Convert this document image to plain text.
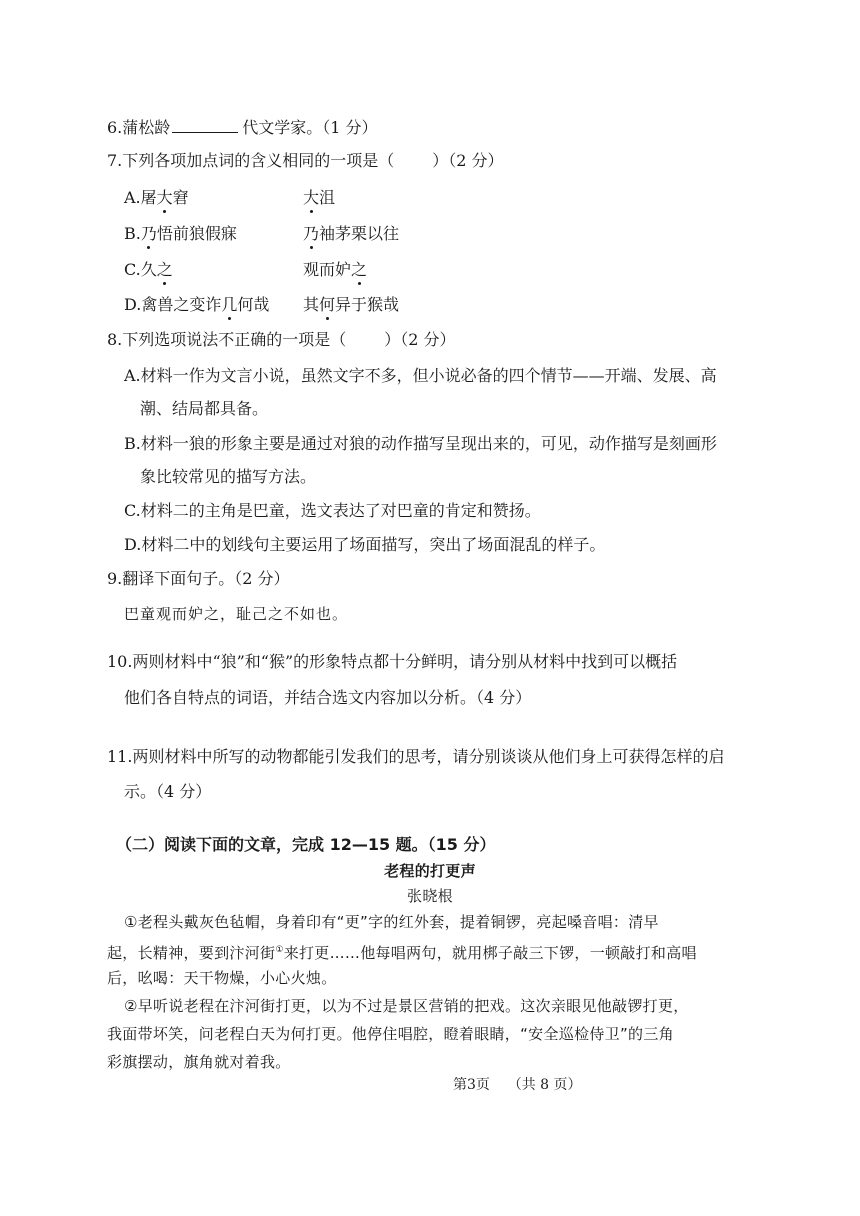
6.蒲松龄	代文学家。（1 分）
7.下列各项加点词的含义相同的一项是（ ）（2 分）
A.屠大窘	大沮
B.乃悟前狼假寐	乃袖茅栗以往
C.久之	观而妒之
D.禽兽之变诈几何哉 其何异于猴哉
8.下列选项说法不正确的一项是（ ）（2 分）
A.材料一作为文言小说，虽然文字不多，但小说必备的四个情节——开端、发展、高
潮、结局都具备。
B.材料一狼的形象主要是通过对狼的动作描写呈现出来的，可见，动作描写是刻画形
象比较常见的描写方法。
C.材料二的主角是巴童，选文表达了对巴童的肯定和赞扬。
D.材料二中的划线句主要运用了场面描写，突出了场面混乱的样子。
9.翻译下面句子。（2 分）
巴童观而妒之，耻己之不如也。
10.两则材料中“狼”和“猴”的形象特点都十分鲜明，请分别从材料中找到可以概括
他们各自特点的词语，并结合选文内容加以分析。（4 分）
11.两则材料中所写的动物都能引发我们的思考，请分别谈谈从他们身上可获得怎样的启
示。（4 分）
（二）阅读下面的文章，完成 12—15 题。（15 分）
老程的打更声
张晓根
①老程头戴灰色毡帽，身着印有“更”字的红外套，提着铜锣，亮起嗓音唱：清早
起，长精神，要到汴河街①来打更……他每唱两句，就用梆子敲三下锣，一顿敲打和高唱
后，吆喝：天干物燥，小心火烛。
②早听说老程在汴河街打更，以为不过是景区营销的把戏。这次亲眼见他敲锣打更，
我面带坏笑，问老程白天为何打更。他停住唱腔，瞪着眼睛，“安全巡检侍卫”的三角
彩旗摆动，旗角就对着我。
第3页 （共 8 页）
